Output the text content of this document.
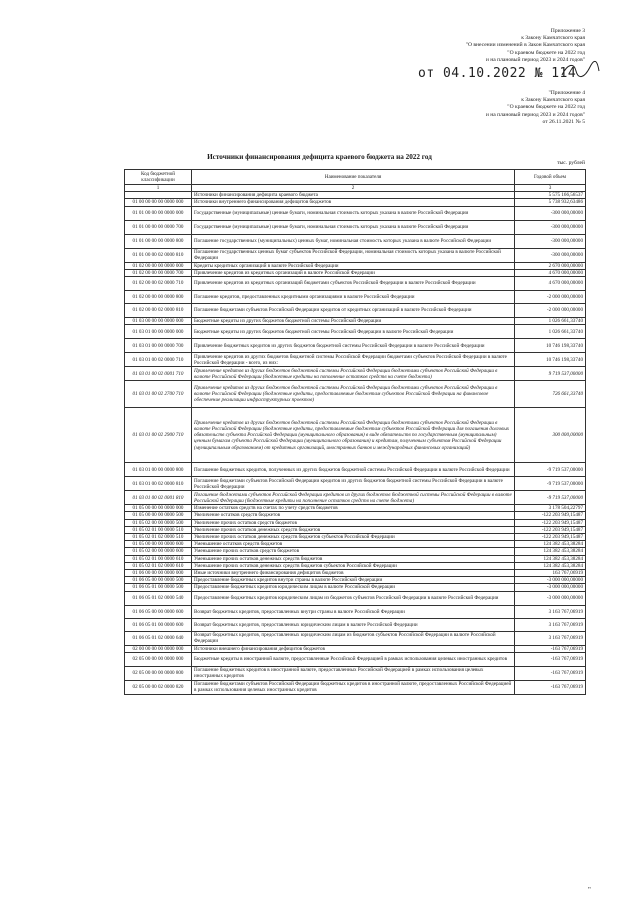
Приложение 3
к Закону Камчатского края
"О внесении изменений в Закон Камчатского края
"О краевом бюджете на 2022 год
и на плановый период 2023 и 2024 годов"
от 04.10.2022 № 114
"Приложение 4
к Закону Камчатского края
"О краевом бюджете на 2022 год
и на плановый период 2023 и 2024 годов"
от 26.11.2021 № 5
Источники финансирования дефицита краевого бюджета на 2022 год
тыс. рублей
Код бюджетной классификации	Наименование показателя	Годовой объем
1	2	3
	Источники финансирования дефицита краевого бюджета	5 575 166,56537
01 00 00 00 00 0000 000	Источники внутреннего финансирования дефицитов бюджетов	5 738 932,63486
01 01 00 00 00 0000 000	Государственные (муниципальные) ценные бумаги, номинальная стоимость которых указана в валюте Российской Федерации	-300 000,00000
01 01 00 00 00 0000 700	Государственные (муниципальные) ценные бумаги, номинальная стоимость которых указана в валюте Российской Федерации	-300 000,00000
01 01 00 00 00 0000 800	Погашение государственных (муниципальных) ценных бумаг, номинальная стоимость которых указана в валюте Российской Федерации	-300 000,00000
01 01 00 00 02 0000 810	Погашение государственных ценных бумаг субъектов Российской Федерации, номинальная стоимость которых указана в валюте Российской Федерации	-300 000,00000
01 02 00 00 00 0000 000	Кредиты кредитных организаций в валюте Российской Федерации	2 670 000,00000
01 02 00 00 00 0000 700	Привлечение кредитов из кредитных организаций в валюте Российской Федерации	4 670 000,00000
01 02 00 00 02 0000 710	Привлечение кредитов из кредитных организаций бюджетами субъектов Российской Федерации в валюте Российской Федерации	4 670 000,00000
01 02 00 00 00 0000 800	Погашение кредитов, предоставленных кредитными организациями в валюте Российской Федерации	-2 000 000,00000
01 02 00 00 02 0000 810	Погашение бюджетами субъектов Российской Федерации кредитов от кредитных организаций в валюте Российской Федерации	-2 000 000,00000
01 03 00 00 00 0000 000	Бюджетные кредиты из других бюджетов бюджетной системы Российской Федерации	1 026 661,33740
01 03 01 00 00 0000 000	Бюджетные кредиты из других бюджетов бюджетной системы Российской Федерации в валюте Российской Федерации	1 026 661,33740
01 03 01 00 00 0000 700	Привлечение бюджетных кредитов из других бюджетов бюджетной системы Российской Федерации в валюте Российской Федерации	10 746 198,33740
01 03 01 00 02 0000 710	Привлечение кредитов из других бюджетов бюджетной системы Российской Федерации бюджетами субъектов Российской Федерации в валюте Российской Федерации - всего, из них:	10 746 198,33740
01 03 01 00 02 0001 710	Привлечение кредитов из других бюджетов бюджетной системы Российской Федерации бюджетами субъектов Российской Федерации в валюте Российской Федерации (бюджетные кредиты на пополнение остатков средств на счете бюджета)	9 719 537,00000
01 03 01 00 02 2700 710	Привлечение кредитов из других бюджетов бюджетной системы Российской Федерации бюджетами субъектов Российской Федерации в валюте Российской Федерации (бюджетные кредиты, предоставляемые бюджетам субъектов Российской Федерации на финансовое обеспечение реализации инфраструктурных проектов)	726 661,33740
01 03 01 00 02 2900 710	Привлечение кредитов из других бюджетов бюджетной системы Российской Федерации бюджетами субъектов Российской Федерации в валюте Российской Федерации (бюджетные кредиты, предоставляемые бюджетам субъектов Российской Федерации для погашения долговых обязательств субъекта Российской Федерации (муниципального образования) в виде обязательств по государственным (муниципальным) ценным бумагам субъекта Российской Федерации (муниципального образования) и кредитам, полученным субъектом Российской Федерации (муниципальным образованием) от кредитных организаций, иностранных банков и международных финансовых организаций)	300 000,00000
01 03 01 00 00 0000 800	Погашение бюджетных кредитов, полученных из других бюджетов бюджетной системы Российской Федерации в валюте Российской Федерации	-9 719 537,00000
01 03 01 00 02 0000 810	Погашение бюджетами субъектов Российской Федерации кредитов из других бюджетов бюджетной системы Российской Федерации в валюте Российской Федерации	-9 719 537,00000
01 03 01 00 02 0001 810	Погашение бюджетами субъектов Российской Федерации кредитов из других бюджетов бюджетной системы Российской Федерации в валюте Российской Федерации (бюджетные кредиты на пополнение остатков средств на счете бюджета)	-9 719 537,00000
01 05 00 00 00 0000 000	Изменение остатков средств на счетах по учету средств бюджетов	3 178 504,22797
01 05 00 00 00 0000 500	Увеличение остатков средств бюджетов	-122 203 949,15487
01 05 02 00 00 0000 500	Увеличение прочих остатков средств бюджетов	-122 203 949,15487
01 05 02 01 00 0000 510	Увеличение прочих остатков денежных средств бюджетов	-122 203 949,15487
01 05 02 01 02 0000 510	Увеличение прочих остатков денежных средств бюджетов субъектов Российской Федерации	-122 203 949,15487
01 05 00 00 00 0000 600	Уменьшение остатков средств бюджетов	124 382 453,38284
01 05 02 00 00 0000 600	Уменьшение прочих остатков средств бюджетов	124 382 453,38284
01 05 02 01 00 0000 610	Уменьшение прочих остатков денежных средств бюджетов	124 382 453,38284
01 05 02 01 02 0000 610	Уменьшение прочих остатков денежных средств бюджетов субъектов Российской Федерации	124 382 453,38284
01 06 00 00 00 0000 000	Иные источники внутреннего финансирования дефицитов бюджетов	163 767,06919
01 06 05 00 00 0000 500	Предоставление бюджетных кредитов внутри страны в валюте Российской Федерации	-3 000 000,00000
01 06 05 01 00 0000 500	Предоставление бюджетных кредитов юридическим лицам в валюте Российской Федерации	-3 000 000,00000
01 06 05 01 02 0000 540	Предоставление бюджетных кредитов юридическим лицам из бюджетов субъектов Российской Федерации в валюте Российской Федерации	-3 000 000,00000
01 06 05 00 00 0000 600	Возврат бюджетных кредитов, предоставленных внутри страны в валюте Российской Федерации	3 163 767,06919
01 06 05 01 00 0000 600	Возврат бюджетных кредитов, предоставленных юридическим лицам в валюте Российской Федерации	3 163 767,06919
01 06 05 01 02 0000 640	Возврат бюджетных кредитов, предоставленных юридическим лицам из бюджетов субъектов Российской Федерации в валюте Российской Федерации	3 163 767,06919
02 00 00 00 00 0000 000	Источники внешнего финансирования дефицитов бюджетов	-163 767,06919
02 05 00 00 00 0000 000	Бюджетные кредиты в иностранной валюте, предоставленные Российской Федерацией в рамках использования целевых иностранных кредитов	-163 767,06919
02 05 00 00 00 0000 800	Погашение бюджетных кредитов в иностранной валюте, предоставленных Российской Федерацией в рамках использования целевых иностранных кредитов	-163 767,06919
02 05 00 00 02 0000 820	Погашение бюджетами субъектов Российской Федерации бюджетных кредитов в иностранной валюте, предоставленных Российской Федерацией в рамках использования целевых иностранных кредитов	-163 767,06919
"
